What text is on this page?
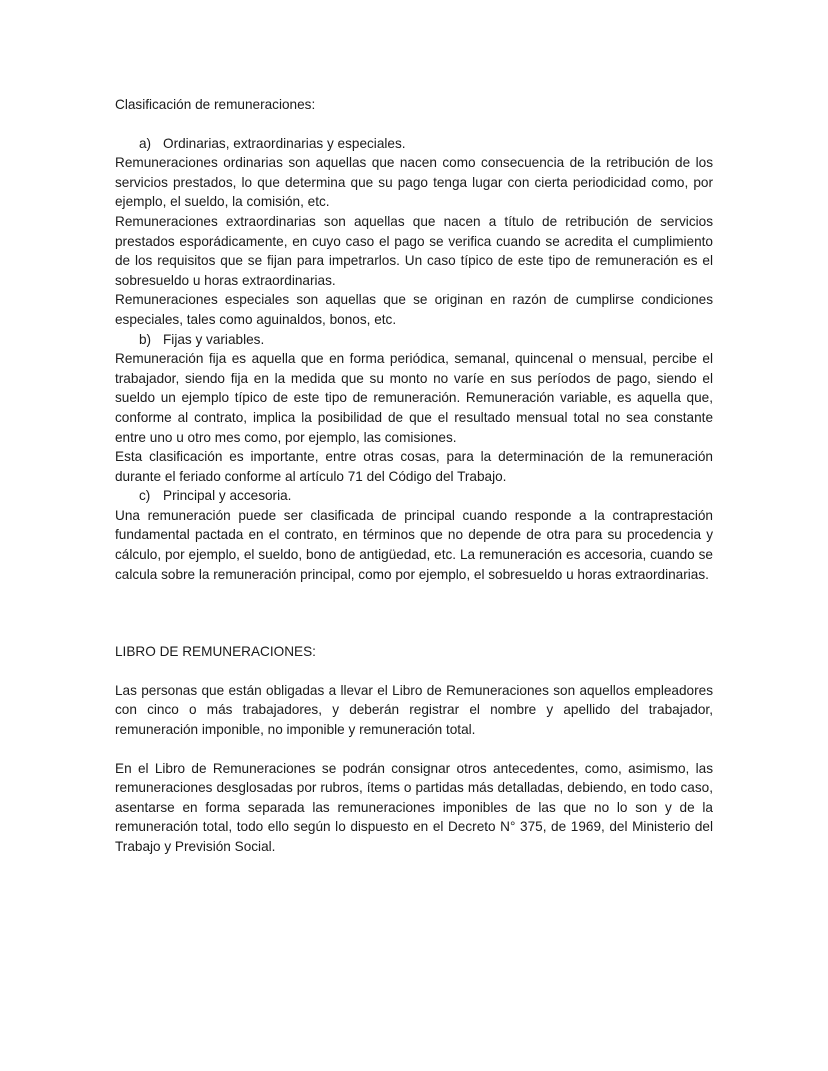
Clasificación de remuneraciones:

a) Ordinarias, extraordinarias y especiales.

Remuneraciones ordinarias son aquellas que nacen como consecuencia de la retribución de los servicios prestados, lo que determina que su pago tenga lugar con cierta periodicidad como, por ejemplo, el sueldo, la comisión, etc.

Remuneraciones extraordinarias son aquellas que nacen a título de retribución de servicios prestados esporádicamente, en cuyo caso el pago se verifica cuando se acredita el cumplimiento de los requisitos que se fijan para impetrarlos. Un caso típico de este tipo de remuneración es el sobresueldo u horas extraordinarias.

Remuneraciones especiales son aquellas que se originan en razón de cumplirse condiciones especiales, tales como aguinaldos, bonos, etc.

b) Fijas y variables.

Remuneración fija es aquella que en forma periódica, semanal, quincenal o mensual, percibe el trabajador, siendo fija en la medida que su monto no varíe en sus períodos de pago, siendo el sueldo un ejemplo típico de este tipo de remuneración. Remuneración variable, es aquella que, conforme al contrato, implica la posibilidad de que el resultado mensual total no sea constante entre uno u otro mes como, por ejemplo, las comisiones.

Esta clasificación es importante, entre otras cosas, para la determinación de la remuneración durante el feriado conforme al artículo 71 del Código del Trabajo.

c) Principal y accesoria.

Una remuneración puede ser clasificada de principal cuando responde a la contraprestación fundamental pactada en el contrato, en términos que no depende de otra para su procedencia y cálculo, por ejemplo, el sueldo, bono de antigüedad, etc. La remuneración es accesoria, cuando se calcula sobre la remuneración principal, como por ejemplo, el sobresueldo u horas extraordinarias.

LIBRO DE REMUNERACIONES:

Las personas que están obligadas a llevar el Libro de Remuneraciones son aquellos empleadores con cinco o más trabajadores, y deberán registrar el nombre y apellido del trabajador, remuneración imponible, no imponible y remuneración total.

En el Libro de Remuneraciones se podrán consignar otros antecedentes, como, asimismo, las remuneraciones desglosadas por rubros, ítems o partidas más detalladas, debiendo, en todo caso, asentarse en forma separada las remuneraciones imponibles de las que no lo son y de la remuneración total, todo ello según lo dispuesto en el Decreto N° 375, de 1969, del Ministerio del Trabajo y Previsión Social.
